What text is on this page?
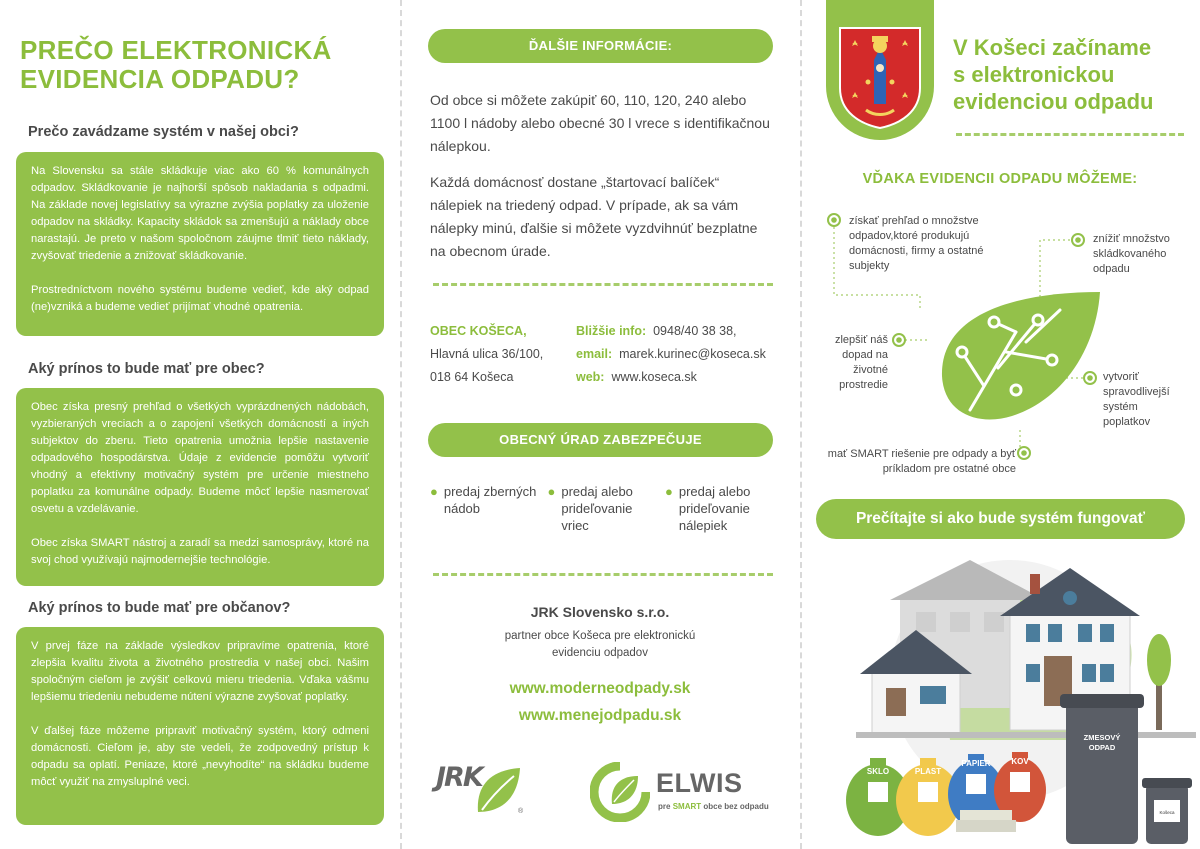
PREČO ELEKTRONICKÁ
EVIDENCIA ODPADU?
Prečo zavádzame systém v našej obci?

Na Slovensku sa stále skládkuje viac ako 60 % komunálnych odpadov. Skládkovanie je najhorší spôsob nakladania s odpadmi. Na základe novej legislatívy sa výrazne zvýšia poplatky za uloženie odpadov na skládky. Kapacity skládok sa zmenšujú a náklady obce narastajú. Je preto v našom spoločnom záujme tlmiť tieto náklady, zvyšovať triedenie a znižovať skládkovanie.

Prostredníctvom nového systému budeme vedieť, kde aký odpad (ne)vzniká a budeme vedieť prijímať vhodné opatrenia.

Aký prínos to bude mať pre obec?

Obec získa presný prehľad o všetkých vyprázdnených nádobách, vyzbieraných vreciach a o zapojení všetkých domácností a iných subjektov do zberu. Tieto opatrenia umožnia lepšie nastavenie odpadového hospodárstva. Údaje z evidencie pomôžu vytvoriť vhodný a efektívny motivačný systém pre určenie miestneho poplatku za komunálne odpady. Budeme môcť lepšie nasmerovať osvetu a vzdelávanie.

Obec získa SMART nástroj a zaradí sa medzi samosprávy, ktoré na svoj chod využívajú najmodernejšie technológie.

Aký prínos to bude mať pre občanov?

V prvej fáze na základe výsledkov pripravíme opatrenia, ktoré zlepšia kvalitu života a životného prostredia v našej obci. Našim spoločným cieľom je zvýšiť celkovú mieru triedenia. Vďaka vášmu lepšiemu triedeniu nebudeme nútení výrazne zvyšovať poplatky.

V ďalšej fáze môžeme pripraviť motivačný systém, ktorý odmeni domácnosti. Cieľom je, aby ste vedeli, že zodpovedný prístup k odpadu sa oplatí. Peniaze, ktoré „nevyhodíte“ na skládku budeme môcť využiť na zmysluplné veci.

ĎALŠIE INFORMÁCIE:
Od obce si môžete zakúpiť 60, 110, 120, 240 alebo 1100 l nádoby alebo obecné 30 l vrece s identifikačnou nálepkou.
Každá domácnosť dostane „štartovací balíček“ nálepiek na triedený odpad. V prípade, ak sa vám nálepky minú, ďalšie si môžete vyzdvihnúť bezplatne na obecnom úrade.
OBEC KOŠECA,
Hlavná ulica 36/100,
018 64 Košeca
Bližšie info: 0948/40 38 38,
email: marek.kurinec@koseca.sk
web: www.koseca.sk
OBECNÝ ÚRAD ZABEZPEČUJE
● predaj zberných nádob
● predaj alebo prideľovanie vriec
● predaj alebo prideľovanie nálepiek
JRK Slovensko s.r.o.
partner obce Košeca pre elektronickú
evidenciu odpadov
www.moderneodpady.sk
www.menejodpadu.sk
JRK
®
ELWIS
pre SMART obce bez odpadu
V Košeci začíname
s elektronickou
evidenciou odpadu
VĎAKA EVIDENCII ODPADU MÔŽEME:
získať prehľad o množstve odpadov,ktoré produkujú domácnosti, firmy a ostatné subjekty
znížiť množstvo skládkovaného odpadu
zlepšiť náš dopad na životné prostredie
vytvoriť spravodlivejší systém poplatkov
mať SMART riešenie pre odpady a byť príkladom pre ostatné obce
Prečítajte si ako bude systém fungovať
SKLO	PLAST
PAPIER	KOV
ZMESOVÝ
ODPAD
Košeca
